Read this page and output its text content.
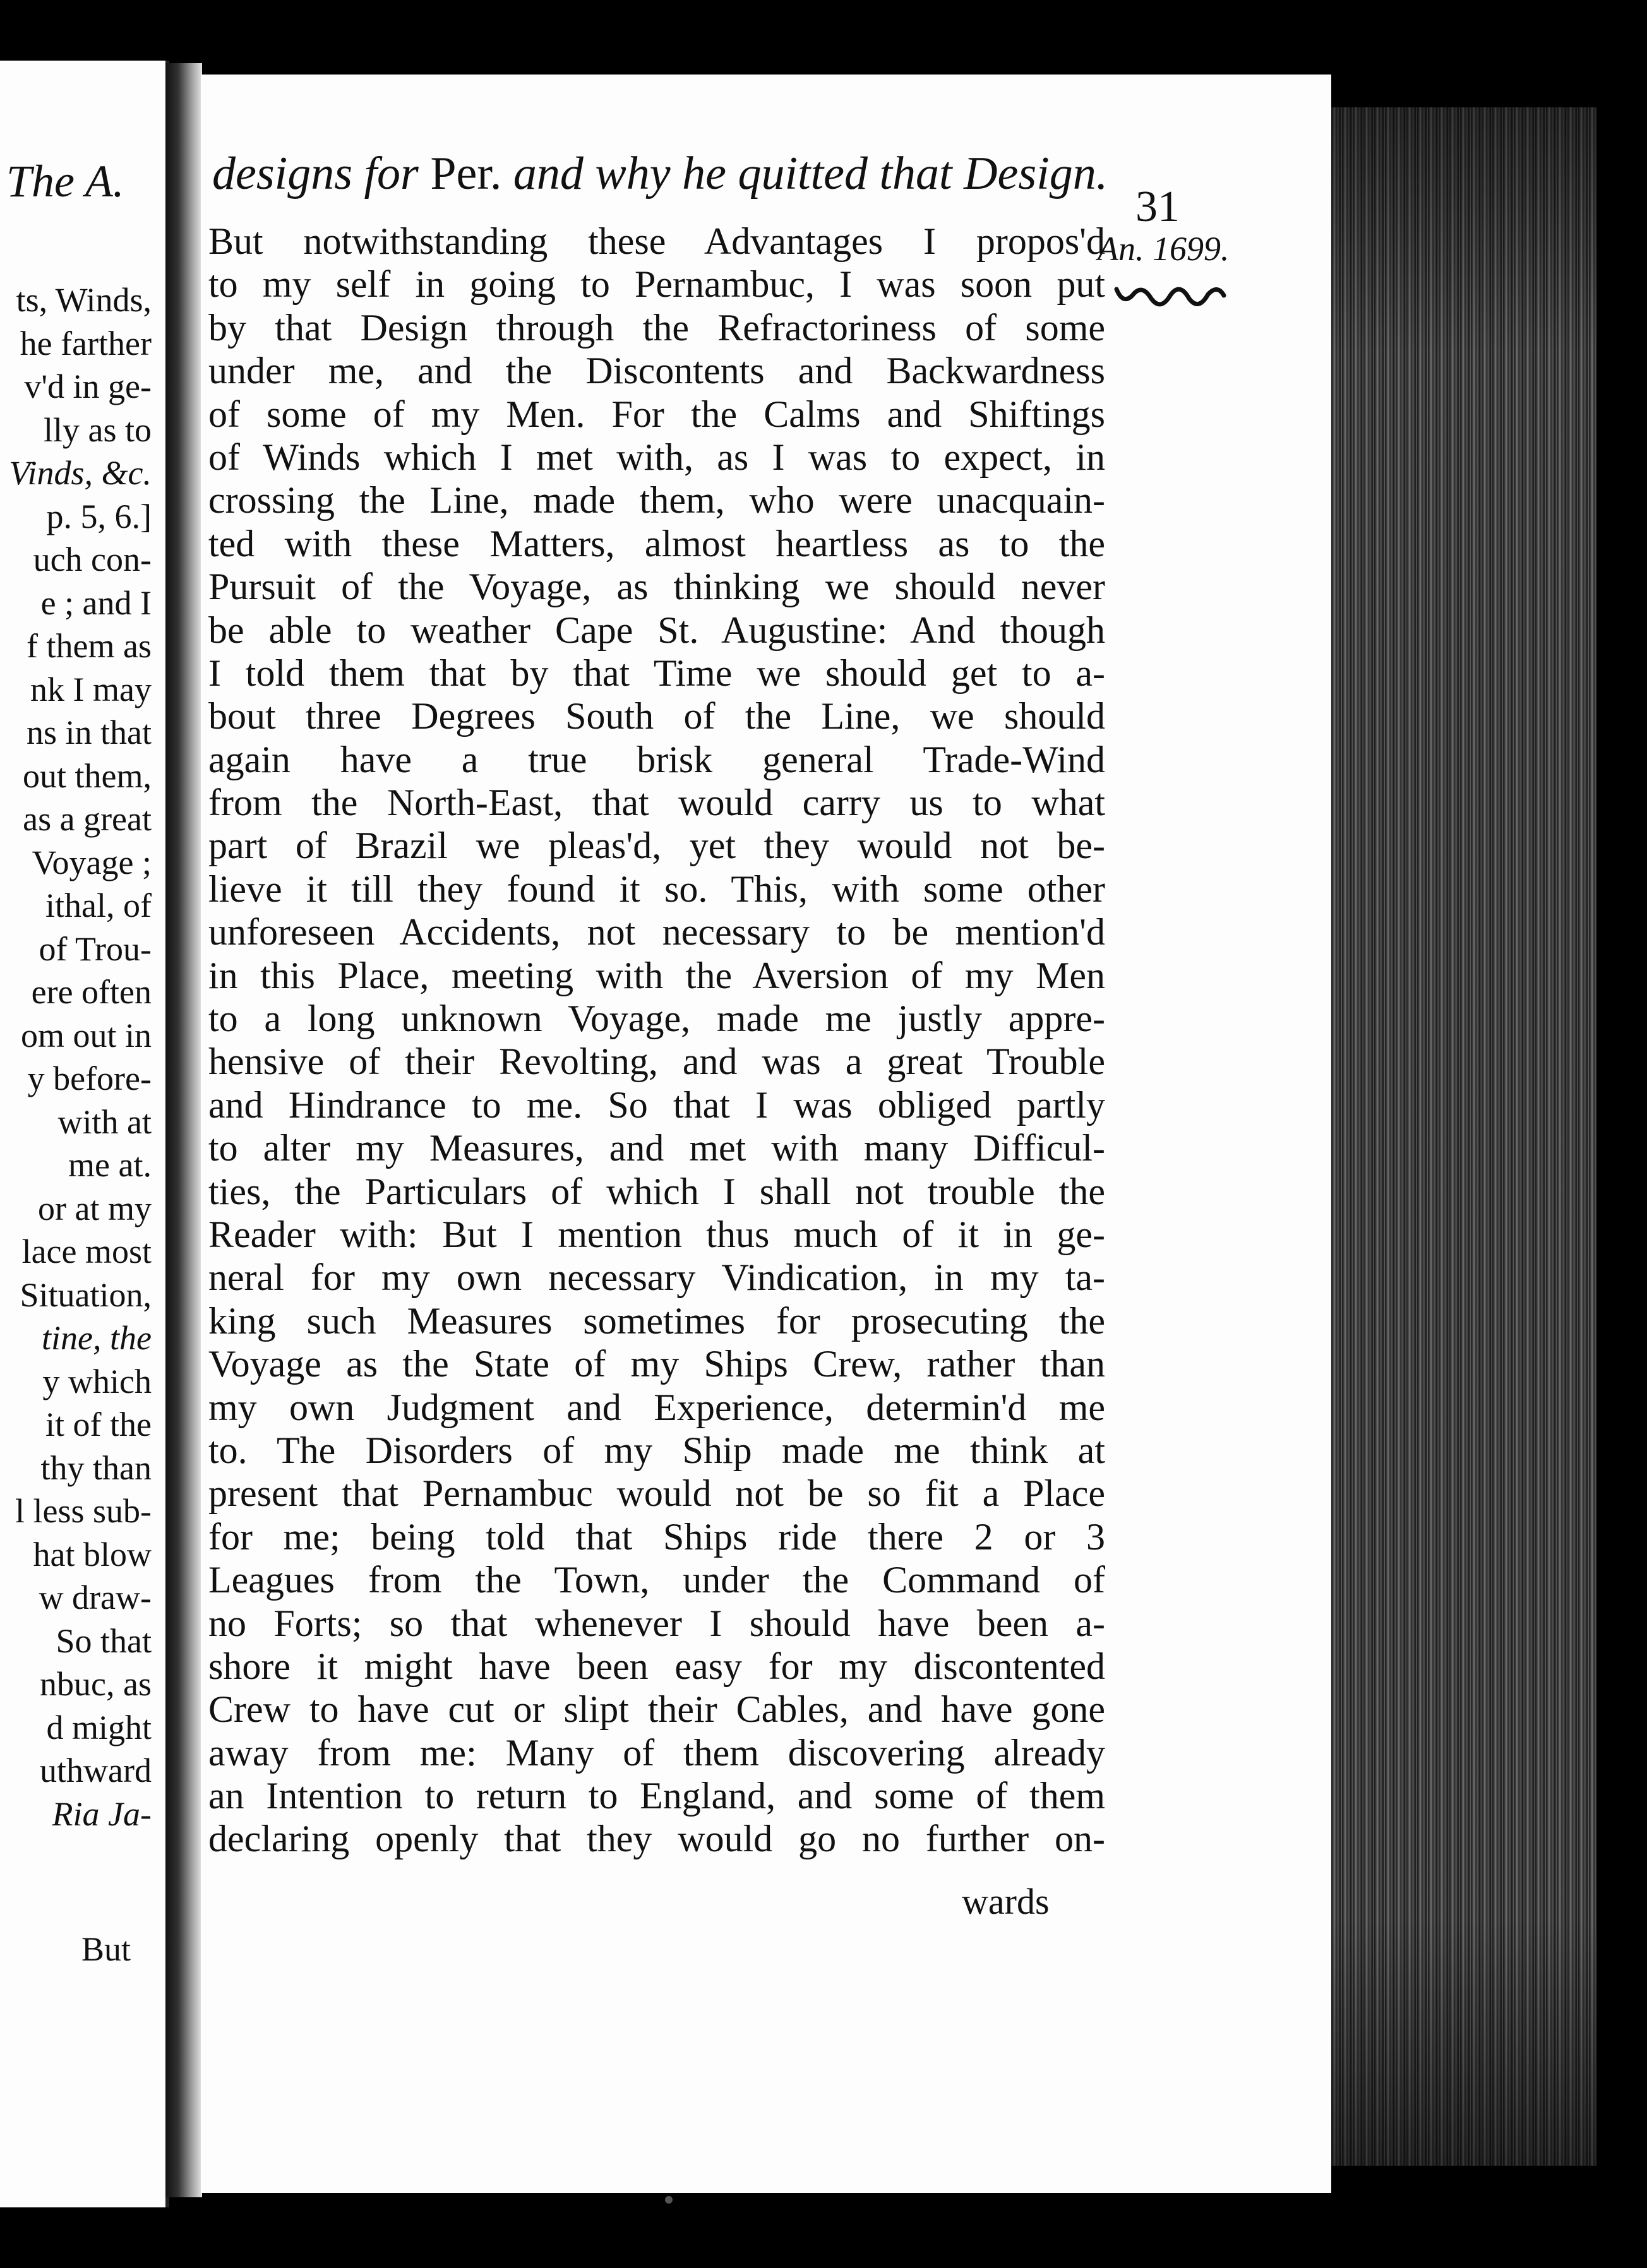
The A.
ts, Winds,
he farther
v'd in ge-
lly as to
Vinds, &c.
p. 5, 6.]
uch con-
e ; and I
f them as
nk I may
ns in that
out them,
as a great
Voyage ;
ithal, of
of Trou-
ere often
om out in
y before-
with at
me at.
or at my
lace most
Situation,
tine, the
y which
it of the
thy than
l less sub-
hat blow
w draw-
So that
nbuc, as
d might
uthward
Ria Ja-
But
designs for Per. and why he quitted that Design.
31
An. 1699.
But notwithstanding these Advantages I propos'd
to my self in going to Pernambuc, I was soon put
by that Design through the Refractoriness of some
under me, and the Discontents and Backwardness
of some of my Men. For the Calms and Shiftings
of Winds which I met with, as I was to expect, in
crossing the Line, made them, who were unacquain-
ted with these Matters, almost heartless as to the
Pursuit of the Voyage, as thinking we should never
be able to weather Cape St. Augustine: And though
I told them that by that Time we should get to a-
bout three Degrees South of the Line, we should
again have a true brisk general Trade-Wind
from the North-East, that would carry us to what
part of Brazil we pleas'd, yet they would not be-
lieve it till they found it so. This, with some other
unforeseen Accidents, not necessary to be mention'd
in this Place, meeting with the Aversion of my Men
to a long unknown Voyage, made me justly appre-
hensive of their Revolting, and was a great Trouble
and Hindrance to me. So that I was obliged partly
to alter my Measures, and met with many Difficul-
ties, the Particulars of which I shall not trouble the
Reader with: But I mention thus much of it in ge-
neral for my own necessary Vindication, in my ta-
king such Measures sometimes for prosecuting the
Voyage as the State of my Ships Crew, rather than
my own Judgment and Experience, determin'd me
to. The Disorders of my Ship made me think at
present that Pernambuc would not be so fit a Place
for me; being told that Ships ride there 2 or 3
Leagues from the Town, under the Command of
no Forts; so that whenever I should have been a-
shore it might have been easy for my discontented
Crew to have cut or slipt their Cables, and have gone
away from me: Many of them discovering already
an Intention to return to England, and some of them
declaring openly that they would go no further on-
wards
